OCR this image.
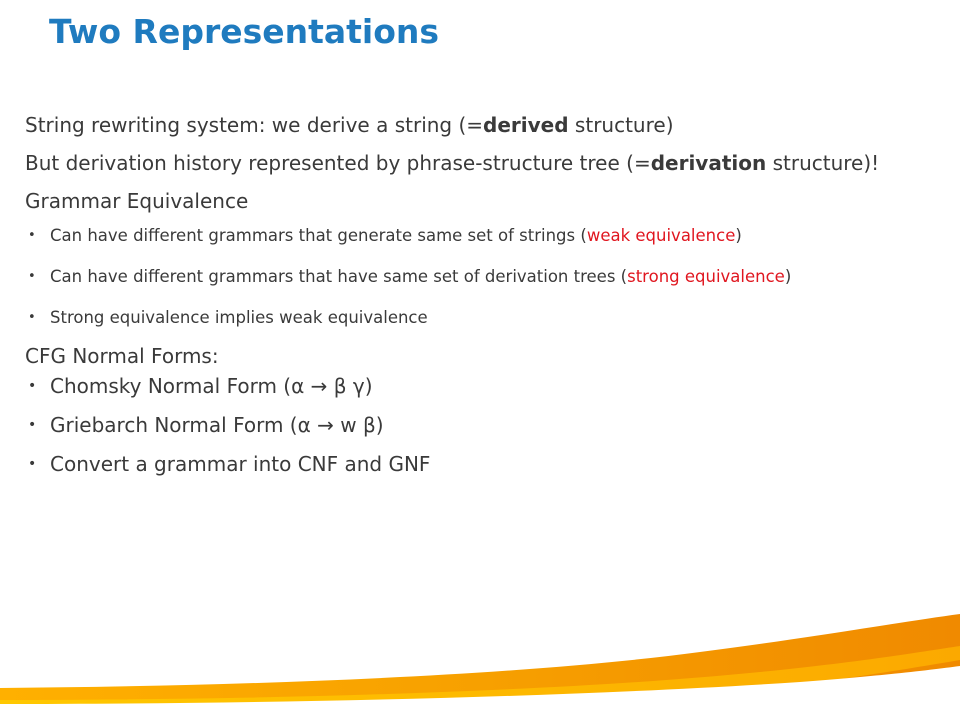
Two Representations

String rewriting system: we derive a string (=derived structure)

But derivation history represented by phrase-structure tree (=derivation structure)!

Grammar Equivalence

• Can have different grammars that generate same set of strings (weak equivalence)
• Can have different grammars that have same set of derivation trees (strong equivalence)
• Strong equivalence implies weak equivalence

CFG Normal Forms:

• Chomsky Normal Form (α → β γ)
• Griebarch Normal Form (α → w β)
• Convert a grammar into CNF and GNF
